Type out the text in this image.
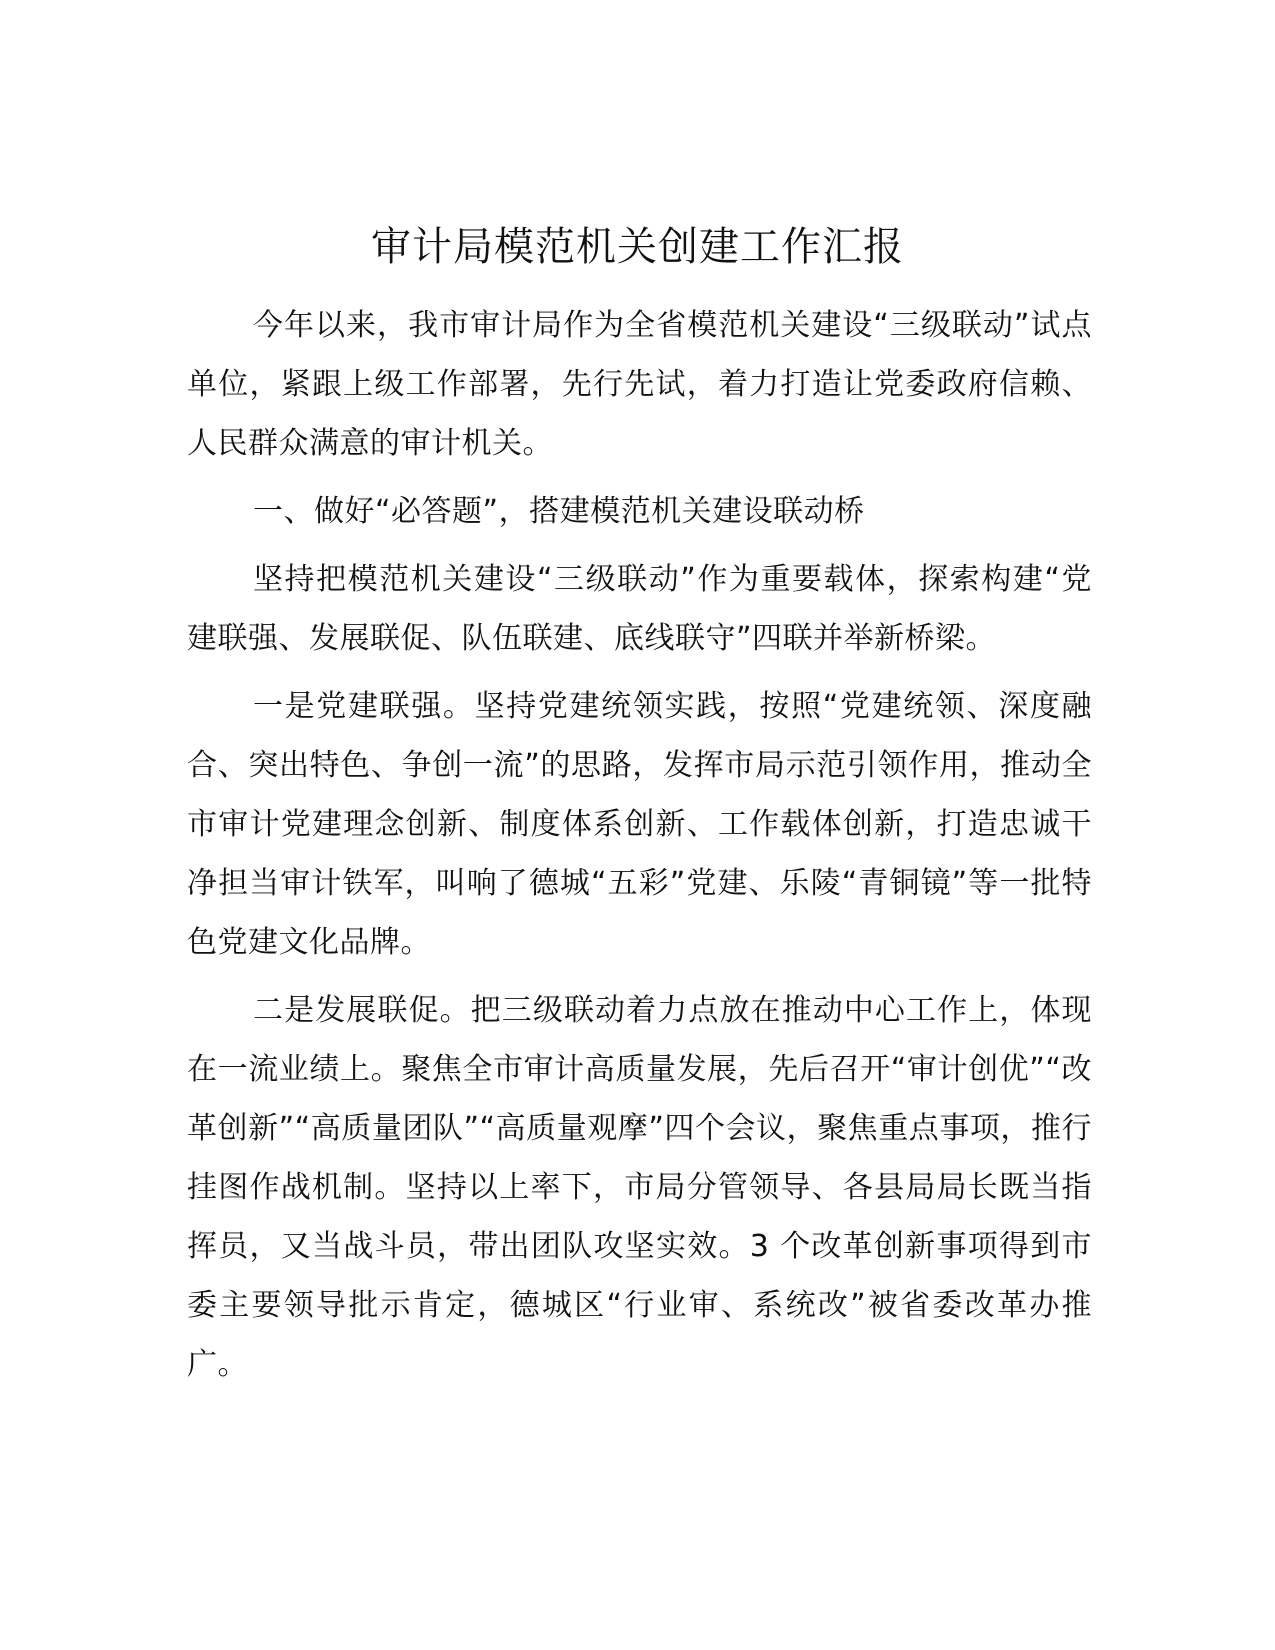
审计局模范机关创建工作汇报

今年以来，我市审计局作为全省模范机关建设“三级联动”试点单位，紧跟上级工作部署，先行先试，着力打造让党委政府信赖、人民群众满意的审计机关。

一、做好“必答题”，搭建模范机关建设联动桥

坚持把模范机关建设“三级联动”作为重要载体，探索构建“党建联强、发展联促、队伍联建、底线联守”四联并举新桥梁。

一是党建联强。坚持党建统领实践，按照“党建统领、深度融合、突出特色、争创一流”的思路，发挥市局示范引领作用，推动全市审计党建理念创新、制度体系创新、工作载体创新，打造忠诚干净担当审计铁军，叫响了德城“五彩”党建、乐陵“青铜镜”等一批特色党建文化品牌。

二是发展联促。把三级联动着力点放在推动中心工作上，体现在一流业绩上。聚焦全市审计高质量发展，先后召开“审计创优”“改革创新”“高质量团队”“高质量观摩”四个会议，聚焦重点事项，推行挂图作战机制。坚持以上率下，市局分管领导、各县局局长既当指挥员，又当战斗员，带出团队攻坚实效。3 个改革创新事项得到市委主要领导批示肯定，德城区“行业审、系统改”被省委改革办推广。
